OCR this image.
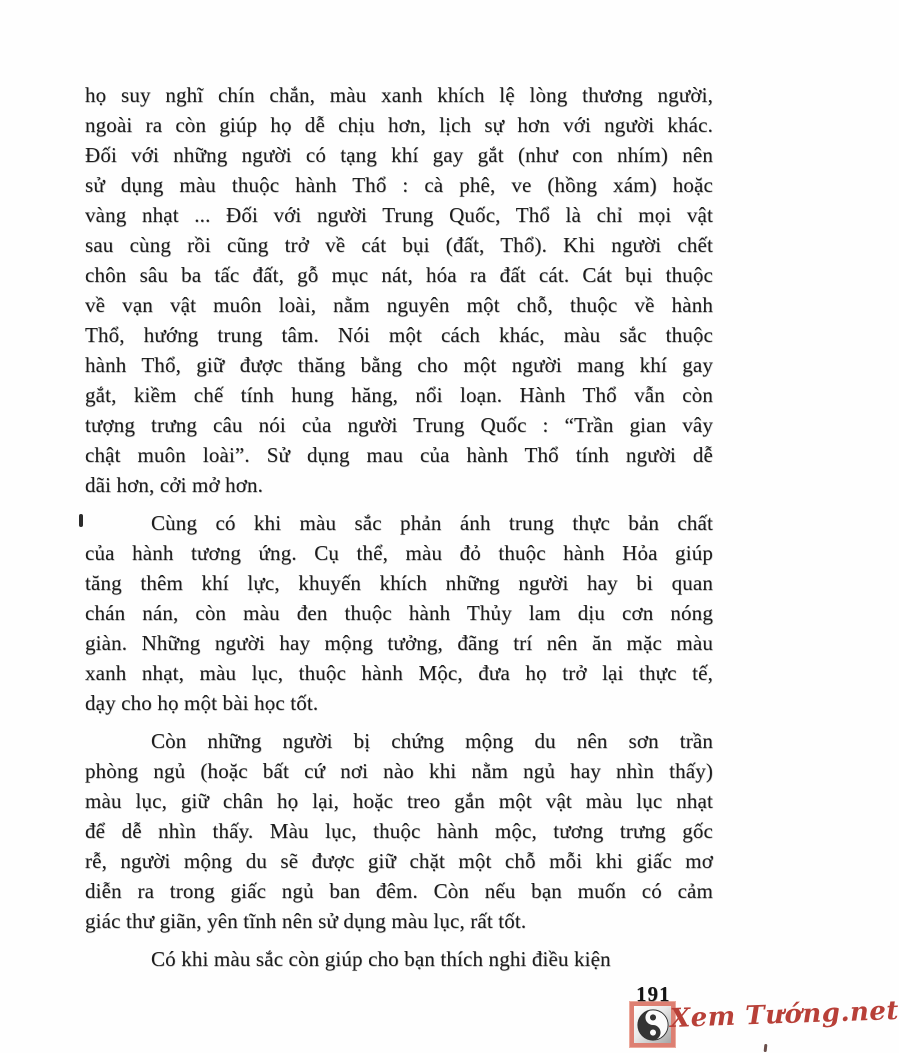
họ suy nghĩ chín chắn, màu xanh khích lệ lòng thương người,
ngoài ra còn giúp họ dễ chịu hơn, lịch sự hơn với người khác.
Đối với những người có tạng khí gay gắt (như con nhím) nên
sử dụng màu thuộc hành Thổ : cà phê, ve (hồng xám) hoặc
vàng nhạt ... Đối với người Trung Quốc, Thổ là chỉ mọi vật
sau cùng rồi cũng trở về cát bụi (đất, Thổ). Khi người chết
chôn sâu ba tấc đất, gỗ mục nát, hóa ra đất cát. Cát bụi thuộc
về vạn vật muôn loài, nằm nguyên một chỗ, thuộc về hành
Thổ, hướng trung tâm. Nói một cách khác, màu sắc thuộc
hành Thổ, giữ được thăng bằng cho một người mang khí gay
gắt, kiềm chế tính hung hăng, nổi loạn. Hành Thổ vẫn còn
tượng trưng câu nói của người Trung Quốc : “Trần gian vây
chật muôn loài”. Sử dụng mau của hành Thổ tính người dễ
dãi hơn, cởi mở hơn.
Cùng có khi màu sắc phản ánh trung thực bản chất
của hành tương ứng. Cụ thể, màu đỏ thuộc hành Hỏa giúp
tăng thêm khí lực, khuyến khích những người hay bi quan
chán nán, còn màu đen thuộc hành Thủy lam dịu cơn nóng
giàn. Những người hay mộng tưởng, đãng trí nên ăn mặc màu
xanh nhạt, màu lục, thuộc hành Mộc, đưa họ trở lại thực tế,
dạy cho họ một bài học tốt.
Còn những người bị chứng mộng du nên sơn trần
phòng ngủ (hoặc bất cứ nơi nào khi nằm ngủ hay nhìn thấy)
màu lục, giữ chân họ lại, hoặc treo gắn một vật màu lục nhạt
để dễ nhìn thấy. Màu lục, thuộc hành mộc, tương trưng gốc
rễ, người mộng du sẽ được giữ chặt một chỗ mỗi khi giấc mơ
diễn ra trong giấc ngủ ban đêm. Còn nếu bạn muốn có cảm
giác thư giãn, yên tĩnh nên sử dụng màu lục, rất tốt.
Có khi màu sắc còn giúp cho bạn thích nghi điều kiện
191
Xem Tướng.net
